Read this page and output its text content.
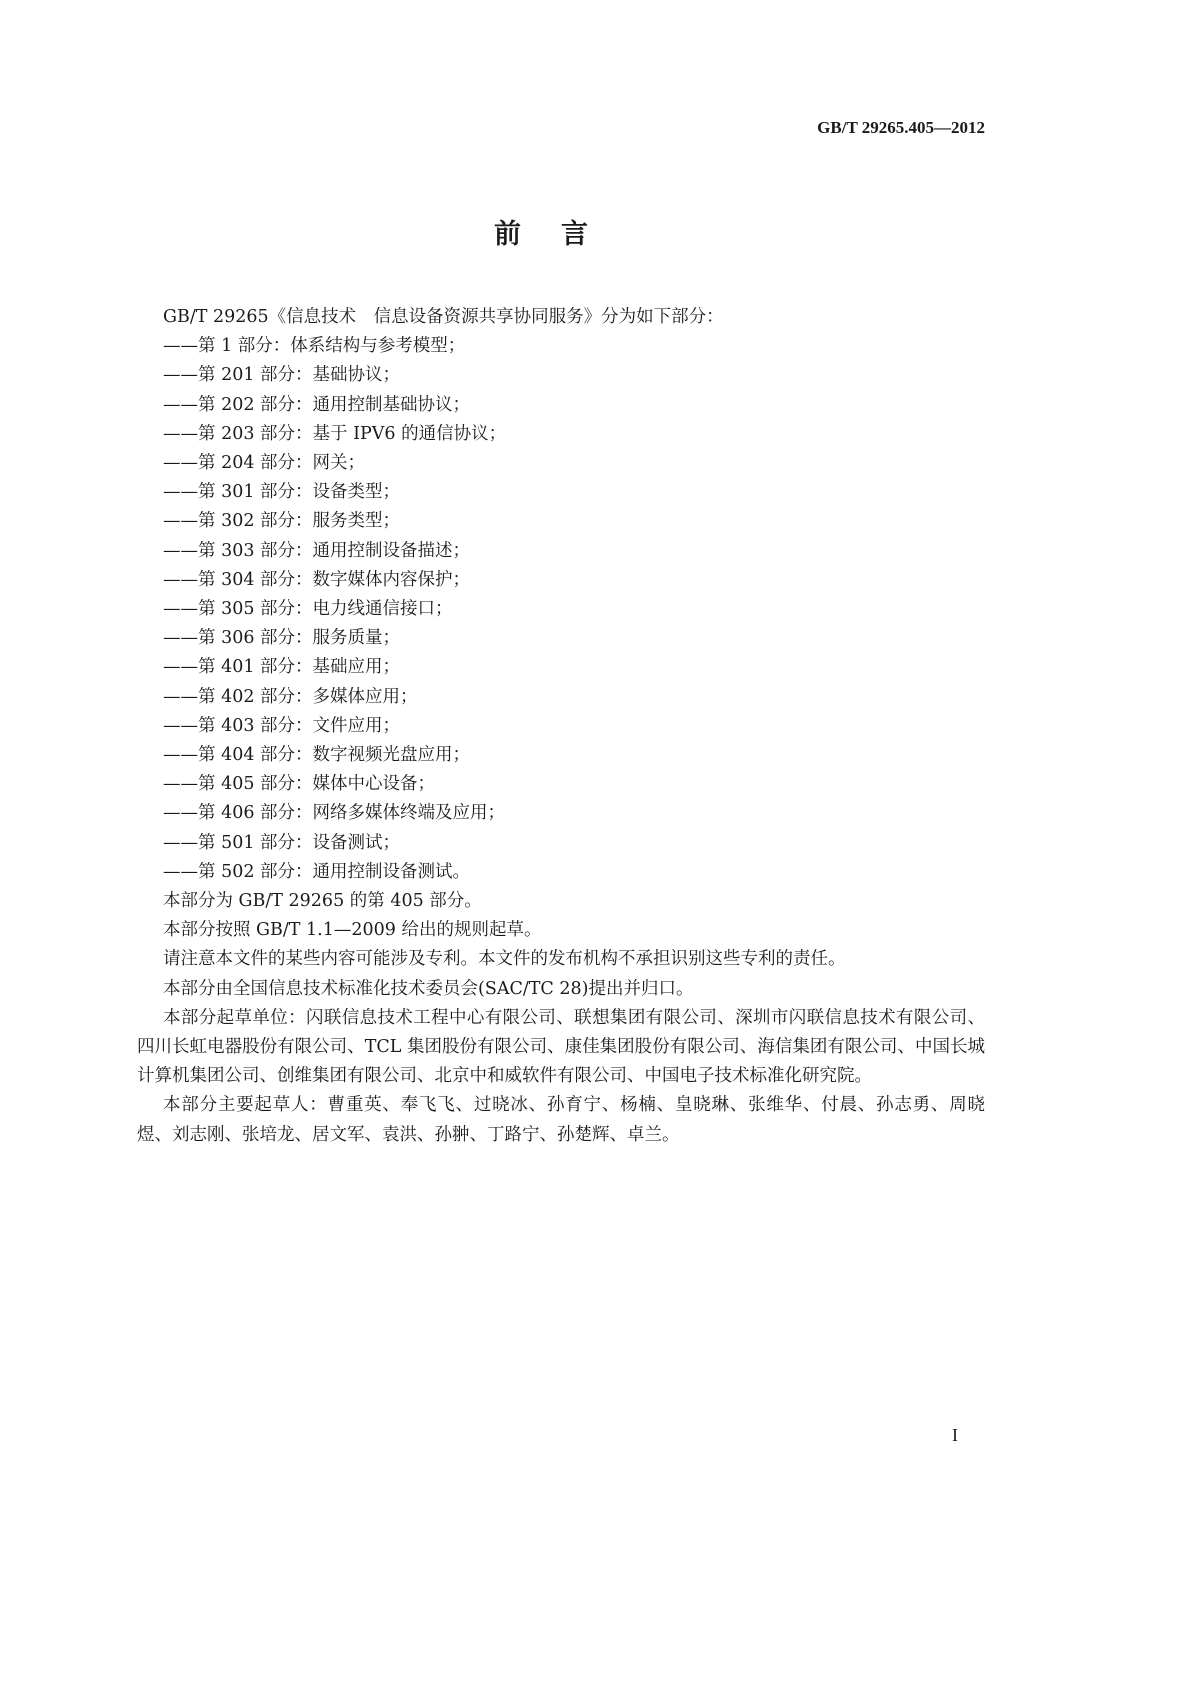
GB/T 29265.405—2012
前言

GB/T 29265《信息技术　信息设备资源共享协同服务》分为如下部分：

——第 1 部分：体系结构与参考模型；

——第 201 部分：基础协议；

——第 202 部分：通用控制基础协议；

——第 203 部分：基于 IPV6 的通信协议；

——第 204 部分：网关；

——第 301 部分：设备类型；

——第 302 部分：服务类型；

——第 303 部分：通用控制设备描述；

——第 304 部分：数字媒体内容保护；

——第 305 部分：电力线通信接口；

——第 306 部分：服务质量；

——第 401 部分：基础应用；

——第 402 部分：多媒体应用；

——第 403 部分：文件应用；

——第 404 部分：数字视频光盘应用；

——第 405 部分：媒体中心设备；

——第 406 部分：网络多媒体终端及应用；

——第 501 部分：设备测试；

——第 502 部分：通用控制设备测试。

本部分为 GB/T 29265 的第 405 部分。

本部分按照 GB/T 1.1—2009 给出的规则起草。

请注意本文件的某些内容可能涉及专利。本文件的发布机构不承担识别这些专利的责任。

本部分由全国信息技术标准化技术委员会(SAC/TC 28)提出并归口。

本部分起草单位：闪联信息技术工程中心有限公司、联想集团有限公司、深圳市闪联信息技术有限公司、四川长虹电器股份有限公司、TCL 集团股份有限公司、康佳集团股份有限公司、海信集团有限公司、中国长城计算机集团公司、创维集团有限公司、北京中和威软件有限公司、中国电子技术标准化研究院。

本部分主要起草人：曹重英、奉飞飞、过晓冰、孙育宁、杨楠、皇晓琳、张维华、付晨、孙志勇、周晓煜、刘志刚、张培龙、居文军、袁洪、孙翀、丁路宁、孙楚辉、卓兰。

I
